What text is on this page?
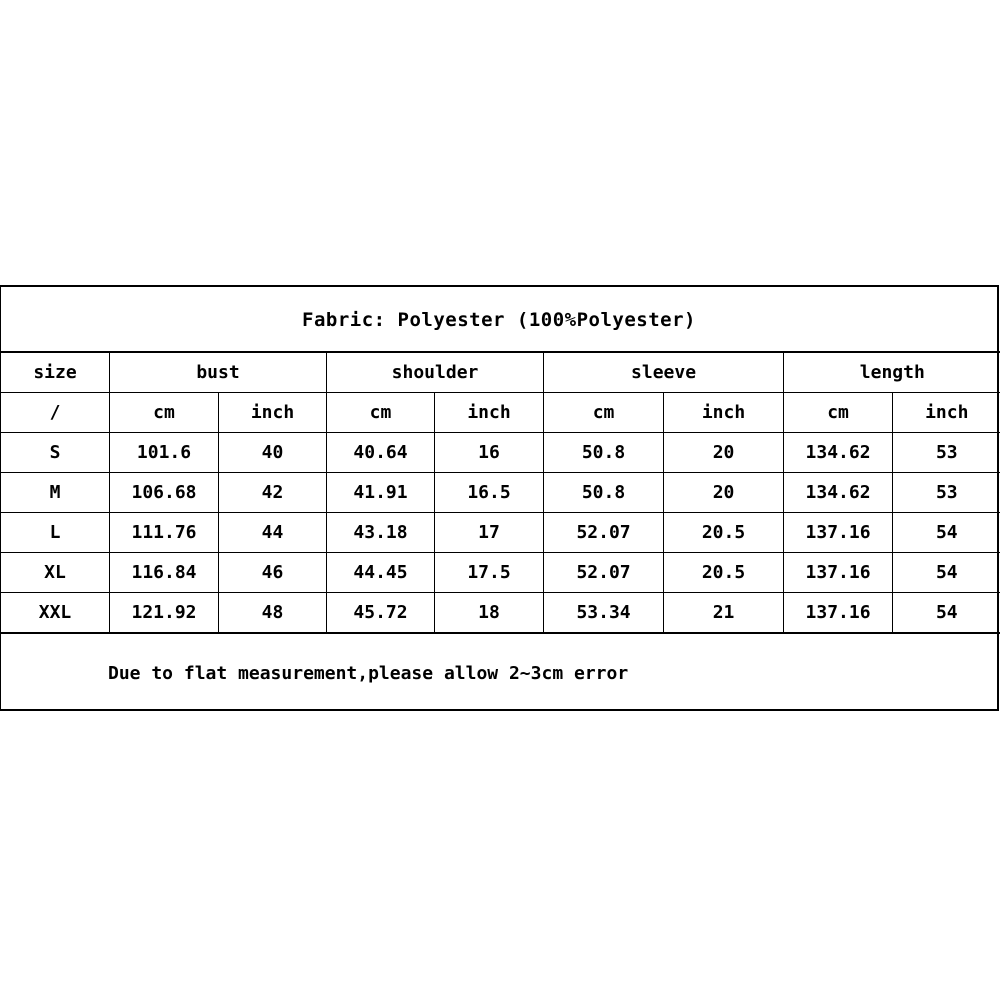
Fabric: Polyester (100%Polyester)
size	bust		shoulder		sleeve		length	
/	cm	inch	cm	inch	cm	inch	cm	inch
S	101.6	40	40.64	16	50.8	20	134.62	53
M	106.68	42	41.91	16.5	50.8	20	134.62	53
L	111.76	44	43.18	17	52.07	20.5	137.16	54
XL	116.84	46	44.45	17.5	52.07	20.5	137.16	54
XXL	121.92	48	45.72	18	53.34	21	137.16	54
Due to flat measurement,please allow 2~3cm error
